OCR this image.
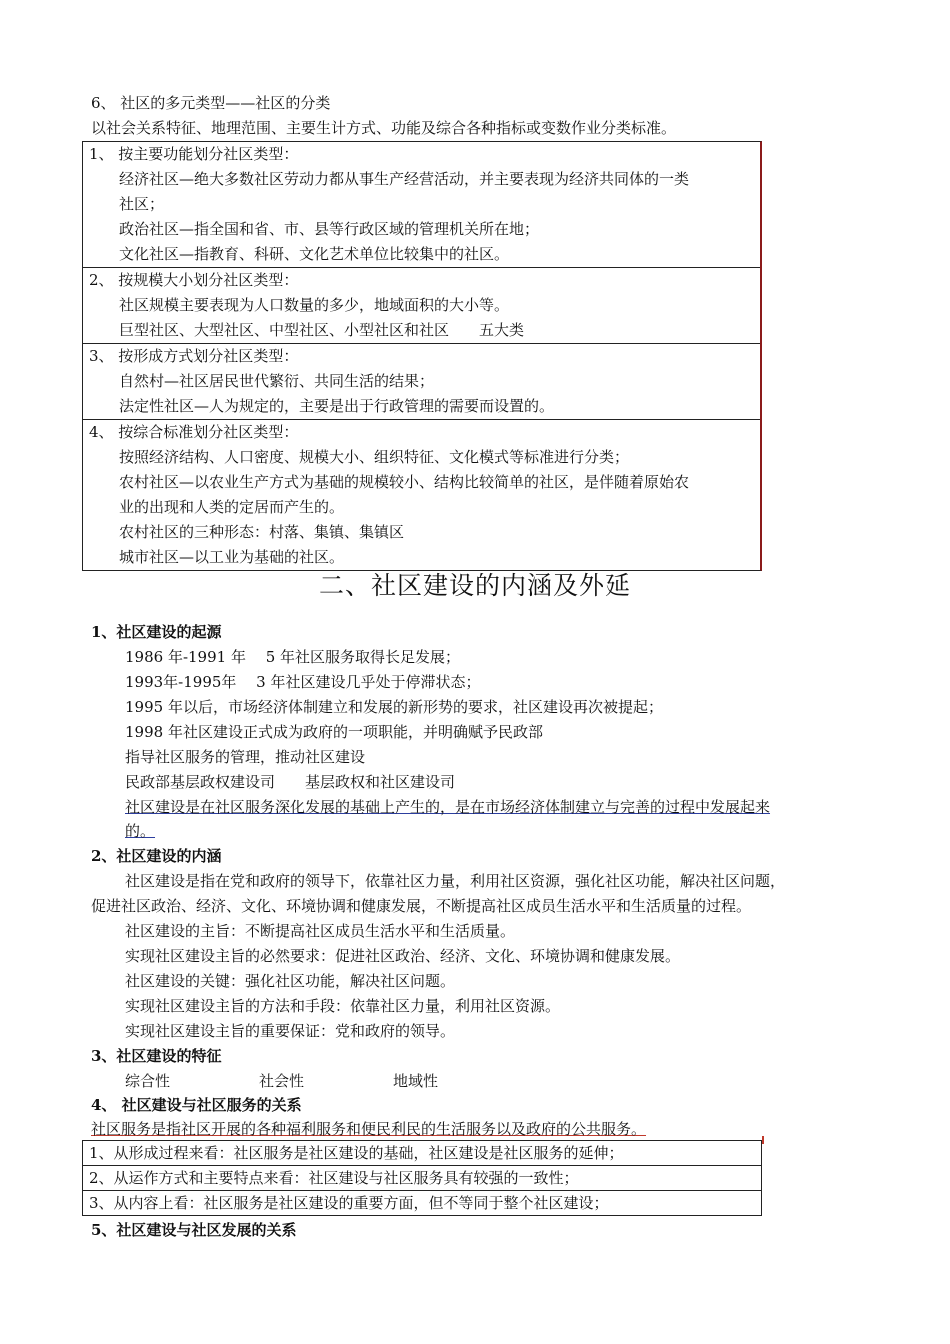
6、 社区的多元类型——社区的分类
以社会关系特征、地理范围、主要生计方式、功能及综合各种指标或变数作业分类标准。
1、 按主要功能划分社区类型：
经济社区—绝大多数社区劳动力都从事生产经营活动，并主要表现为经济共同体的一类
社区；
政治社区—指全国和省、市、县等行政区域的管理机关所在地；
文化社区—指教育、科研、文化艺术单位比较集中的社区。
2、 按规模大小划分社区类型：
社区规模主要表现为人口数量的多少，地域面积的大小等。
巨型社区、大型社区、中型社区、小型社区和社区　　五大类
3、 按形成方式划分社区类型：
自然村—社区居民世代繁衍、共同生活的结果；
法定性社区—人为规定的，主要是出于行政管理的需要而设置的。
4、 按综合标准划分社区类型：
按照经济结构、人口密度、规模大小、组织特征、文化模式等标准进行分类；
农村社区—以农业生产方式为基础的规模较小、结构比较简单的社区，是伴随着原始农
业的出现和人类的定居而产生的。
农村社区的三种形态：村落、集镇、集镇区
城市社区—以工业为基础的社区。
二、社区建设的内涵及外延
1、社区建设的起源
1986 年-1991 年　 5 年社区服务取得长足发展；
1993年-1995年　 3 年社区建设几乎处于停滞状态；
1995 年以后，市场经济体制建立和发展的新形势的要求，社区建设再次被提起；
1998 年社区建设正式成为政府的一项职能，并明确赋予民政部
指导社区服务的管理，推动社区建设
民政部基层政权建设司　　基层政权和社区建设司
社区建设是在社区服务深化发展的基础上产生的，是在市场经济体制建立与完善的过程中发展起来
的。
2、社区建设的内涵
社区建设是指在党和政府的领导下，依靠社区力量，利用社区资源，强化社区功能，解决社区问题，
促进社区政治、经济、文化、环境协调和健康发展，不断提高社区成员生活水平和生活质量的过程。
社区建设的主旨：不断提高社区成员生活水平和生活质量。
实现社区建设主旨的必然要求：促进社区政治、经济、文化、环境协调和健康发展。
社区建设的关键：强化社区功能，解决社区问题。
实现社区建设主旨的方法和手段：依靠社区力量，利用社区资源。
实现社区建设主旨的重要保证：党和政府的领导。
3、社区建设的特征
综合性	社会性	地域性
4、 社区建设与社区服务的关系
社区服务是指社区开展的各种福利服务和便民利民的生活服务以及政府的公共服务。
1、从形成过程来看：社区服务是社区建设的基础，社区建设是社区服务的延伸；
2、从运作方式和主要特点来看：社区建设与社区服务具有较强的一致性；
3、从内容上看：社区服务是社区建设的重要方面，但不等同于整个社区建设；
5、社区建设与社区发展的关系
